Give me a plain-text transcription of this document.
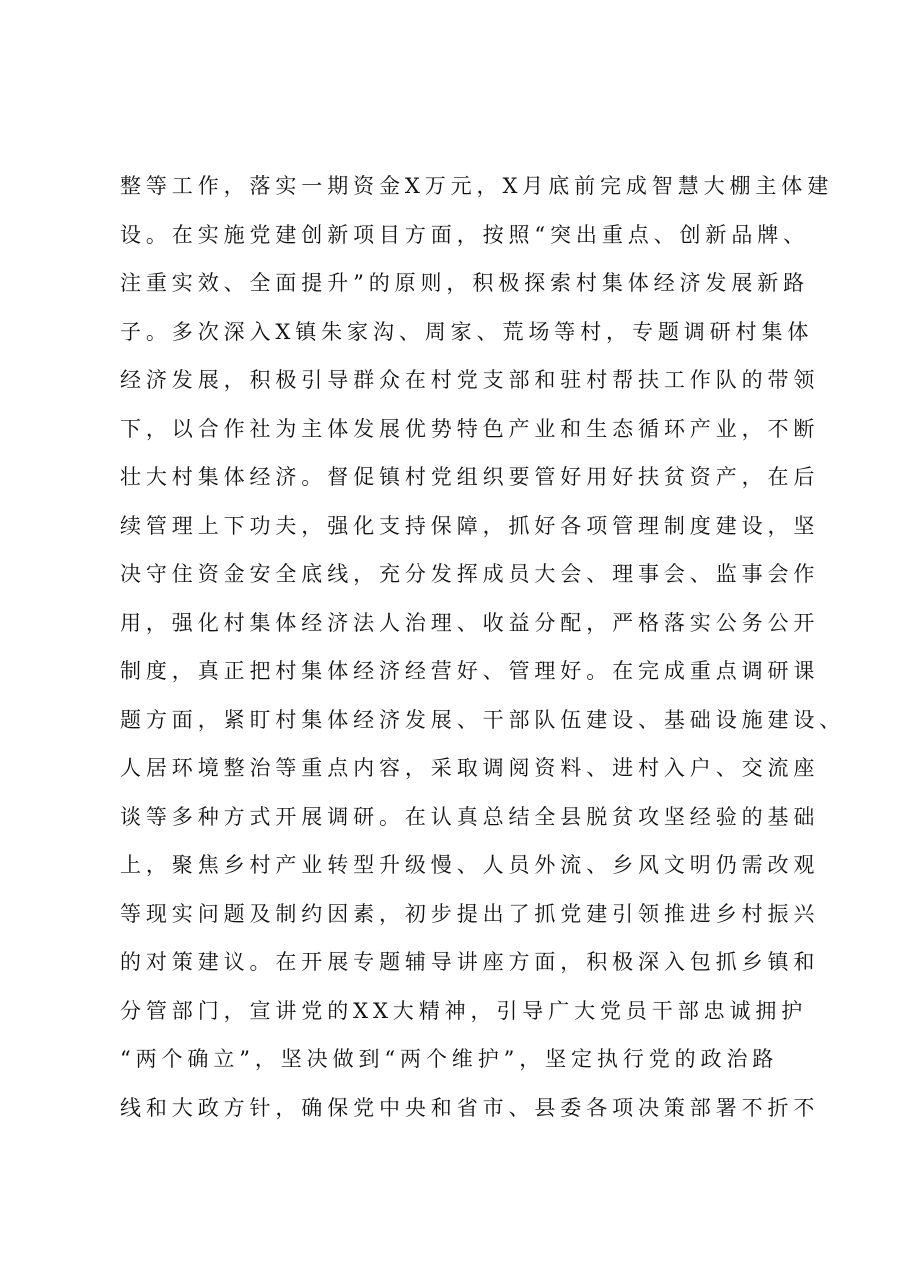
整等工作，落实一期资金X万元，X月底前完成智慧大棚主体建
设。在实施党建创新项目方面，按照“突出重点、创新品牌、
注重实效、全面提升”的原则，积极探索村集体经济发展新路
子。多次深入X镇朱家沟、周家、荒场等村，专题调研村集体
经济发展，积极引导群众在村党支部和驻村帮扶工作队的带领
下，以合作社为主体发展优势特色产业和生态循环产业，不断
壮大村集体经济。督促镇村党组织要管好用好扶贫资产，在后
续管理上下功夫，强化支持保障，抓好各项管理制度建设，坚
决守住资金安全底线，充分发挥成员大会、理事会、监事会作
用，强化村集体经济法人治理、收益分配，严格落实公务公开
制度，真正把村集体经济经营好、管理好。在完成重点调研课
题方面，紧盯村集体经济发展、干部队伍建设、基础设施建设、
人居环境整治等重点内容，采取调阅资料、进村入户、交流座
谈等多种方式开展调研。在认真总结全县脱贫攻坚经验的基础
上，聚焦乡村产业转型升级慢、人员外流、乡风文明仍需改观
等现实问题及制约因素，初步提出了抓党建引领推进乡村振兴
的对策建议。在开展专题辅导讲座方面，积极深入包抓乡镇和
分管部门，宣讲党的XX大精神，引导广大党员干部忠诚拥护
“两个确立”，坚决做到“两个维护”，坚定执行党的政治路
线和大政方针，确保党中央和省市、县委各项决策部署不折不
